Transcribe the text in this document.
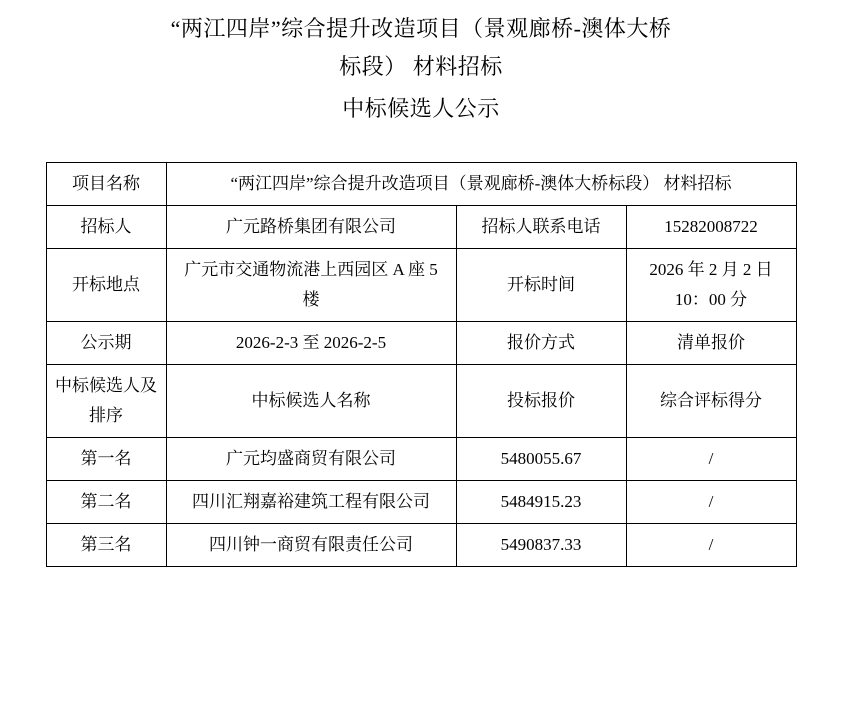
“两江四岸”综合提升改造项目（景观廊桥-澳体大桥
标段） 材料招标
中标候选人公示
项目名称	“两江四岸”综合提升改造项目（景观廊桥-澳体大桥标段） 材料招标		
招标人	广元路桥集团有限公司	招标人联系电话	15282008722
开标地点	广元市交通物流港上西园区 A 座 5 楼	开标时间	2026 年 2 月 2 日 10：00 分
公示期	2026-2-3 至 2026-2-5	报价方式	清单报价
中标候选人及排序	中标候选人名称	投标报价	综合评标得分
第一名	广元均盛商贸有限公司	5480055.67	/
第二名	四川汇翔嘉裕建筑工程有限公司	5484915.23	/
第三名	四川钟一商贸有限责任公司	5490837.33	/
